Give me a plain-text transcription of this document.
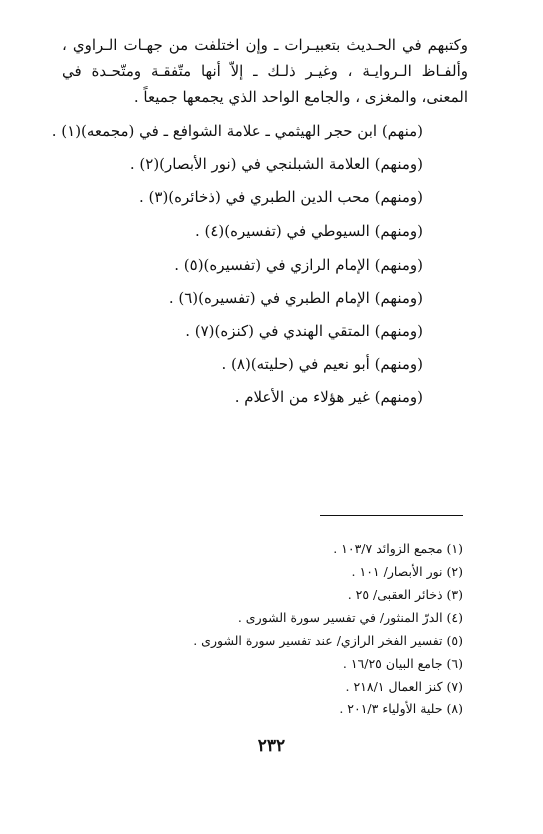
وكتبهم في الحـديث بتعبيـرات ـ وإن اختلفت من جهـات الـراوي ، وألفـاظ الـروايـة ، وغيـر ذلـك ـ إلاّ أنها متّفقـة ومتّحـدة في المعنى، والمغزى ، والجامع الواحد الذي يجمعها جميعاً .

(منهم) ابن حجر الهيثمي ـ علامة الشوافع ـ في (مجمعه)(١) .
(ومنهم) العلامة الشبلنجي في (نور الأبصار)(٢) .
(ومنهم) محب الدين الطبري في (ذخائره)(٣) .
(ومنهم) السيوطي في (تفسيره)(٤) .
(ومنهم) الإمام الرازي في (تفسيره)(٥) .
(ومنهم) الإمام الطبري في (تفسيره)(٦) .
(ومنهم) المتقي الهندي في (كنزه)(٧) .
(ومنهم) أبو نعيم في (حليته)(٨) .
(ومنهم) غير هؤلاء من الأعلام .
(١) مجمع الزوائد ١٠٣/٧ .
(٢) نور الأبصار/ ١٠١ .
(٣) ذخائر العقبى/ ٢٥ .
(٤) الدرّ المنثور/ في تفسير سورة الشورى .
(٥) تفسير الفخر الرازي/ عند تفسير سورة الشورى .
(٦) جامع البيان ١٦/٢٥ .
(٧) كنز العمال ٢١٨/١ .
(٨) حلية الأولياء ٢٠١/٣ .
٢٣٢
